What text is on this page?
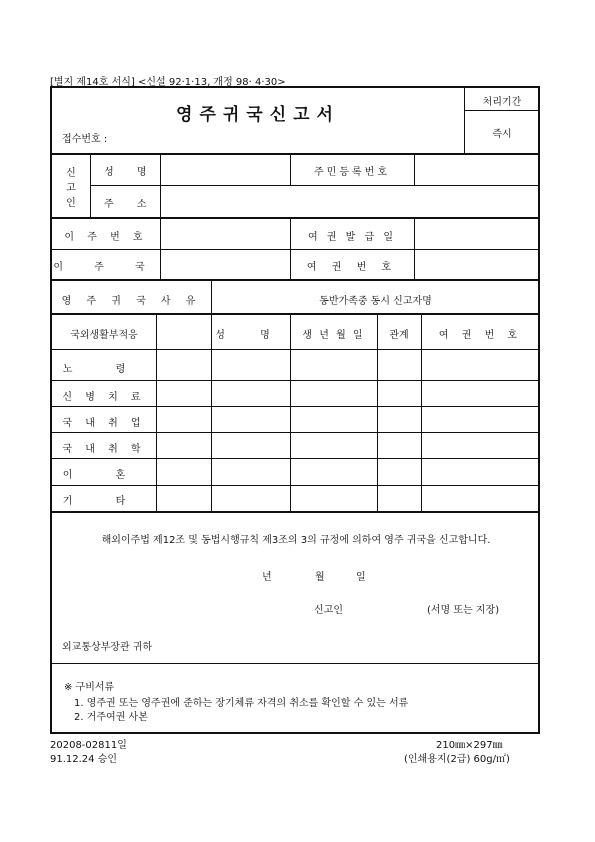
[별지 제14호 서식] <신설 92·1·13, 개정 98· 4·30>
영주귀국신고서
접수번호 :
처리기간
즉시
신
고
인
성 명	주민등록번호
주 소
이 주 번 호	여 권 발 급 일
이 주 국	여 권 번 호
영 주 귀 국 사 유	동반가족중 동시 신고자명
국외생활부적응	성 명	생 년 월 일	관계	여 권 번 호
노 령
신 병 치 료
국 내 취 업
국 내 취 학
이 혼
기 타
해외이주법 제12조 및 동법시행규칙 제3조의 3의 규정에 의하여 영주 귀국을 신고합니다.
년	월	일
신고인	(서명 또는 지장)
외교통상부장관 귀하
※ 구비서류
1. 영주권 또는 영주권에 준하는 장기체류 자격의 취소를 확인할 수 있는 서류
2. 거주여권 사본
20208-02811일
91.12.24 승인
210㎜×297㎜
(인쇄용지(2급) 60g/㎡)
